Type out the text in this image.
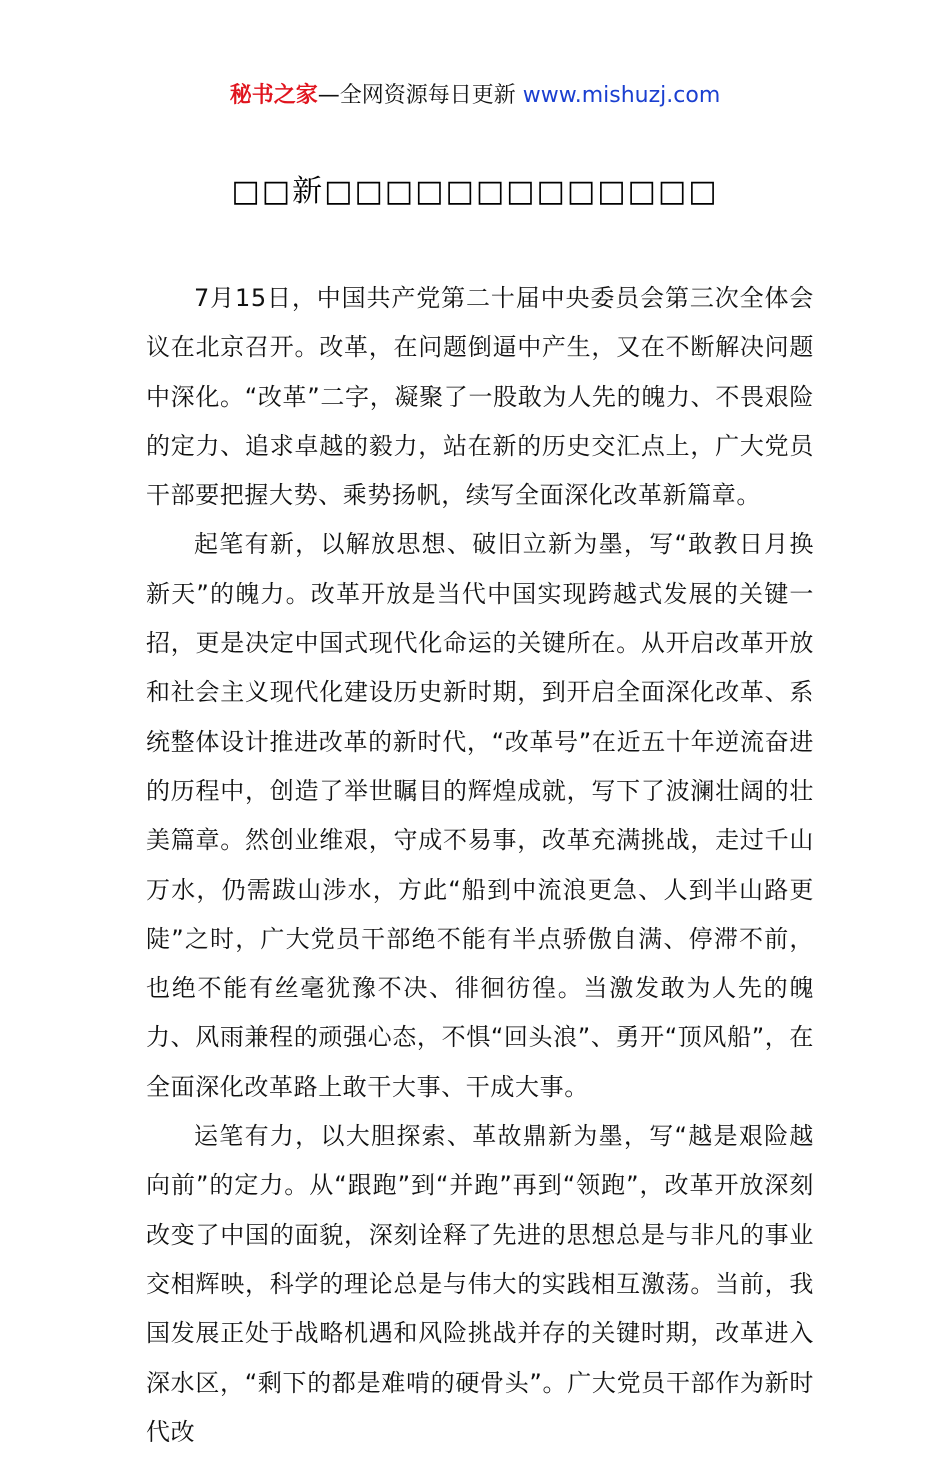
秘书之家—全网资源每日更新 www.mishuzj.com
□□新□□□□□□□□□□□□□

7月15日，中国共产党第二十届中央委员会第三次全体会议在北京召开。改革，在问题倒逼中产生，又在不断解决问题中深化。“改革”二字，凝聚了一股敢为人先的魄力、不畏艰险的定力、追求卓越的毅力，站在新的历史交汇点上，广大党员干部要把握大势、乘势扬帆，续写全面深化改革新篇章。

起笔有新，以解放思想、破旧立新为墨，写“敢教日月换新天”的魄力。改革开放是当代中国实现跨越式发展的关键一招，更是决定中国式现代化命运的关键所在。从开启改革开放和社会主义现代化建设历史新时期，到开启全面深化改革、系统整体设计推进改革的新时代，“改革号”在近五十年逆流奋进的历程中，创造了举世瞩目的辉煌成就，写下了波澜壮阔的壮美篇章。然创业维艰，守成不易事，改革充满挑战，走过千山万水，仍需跋山涉水，方此“船到中流浪更急、人到半山路更陡”之时，广大党员干部绝不能有半点骄傲自满、停滞不前，也绝不能有丝毫犹豫不决、徘徊彷徨。当激发敢为人先的魄力、风雨兼程的顽强心态，不惧“回头浪”、勇开“顶风船”，在全面深化改革路上敢干大事、干成大事。

运笔有力，以大胆探索、革故鼎新为墨，写“越是艰险越向前”的定力。从“跟跑”到“并跑”再到“领跑”，改革开放深刻改变了中国的面貌，深刻诠释了先进的思想总是与非凡的事业交相辉映，科学的理论总是与伟大的实践相互激荡。当前，我国发展正处于战略机遇和风险挑战并存的关键时期，改革进入深水区，“剩下的都是难啃的硬骨头”。广大党员干部作为新时代改
